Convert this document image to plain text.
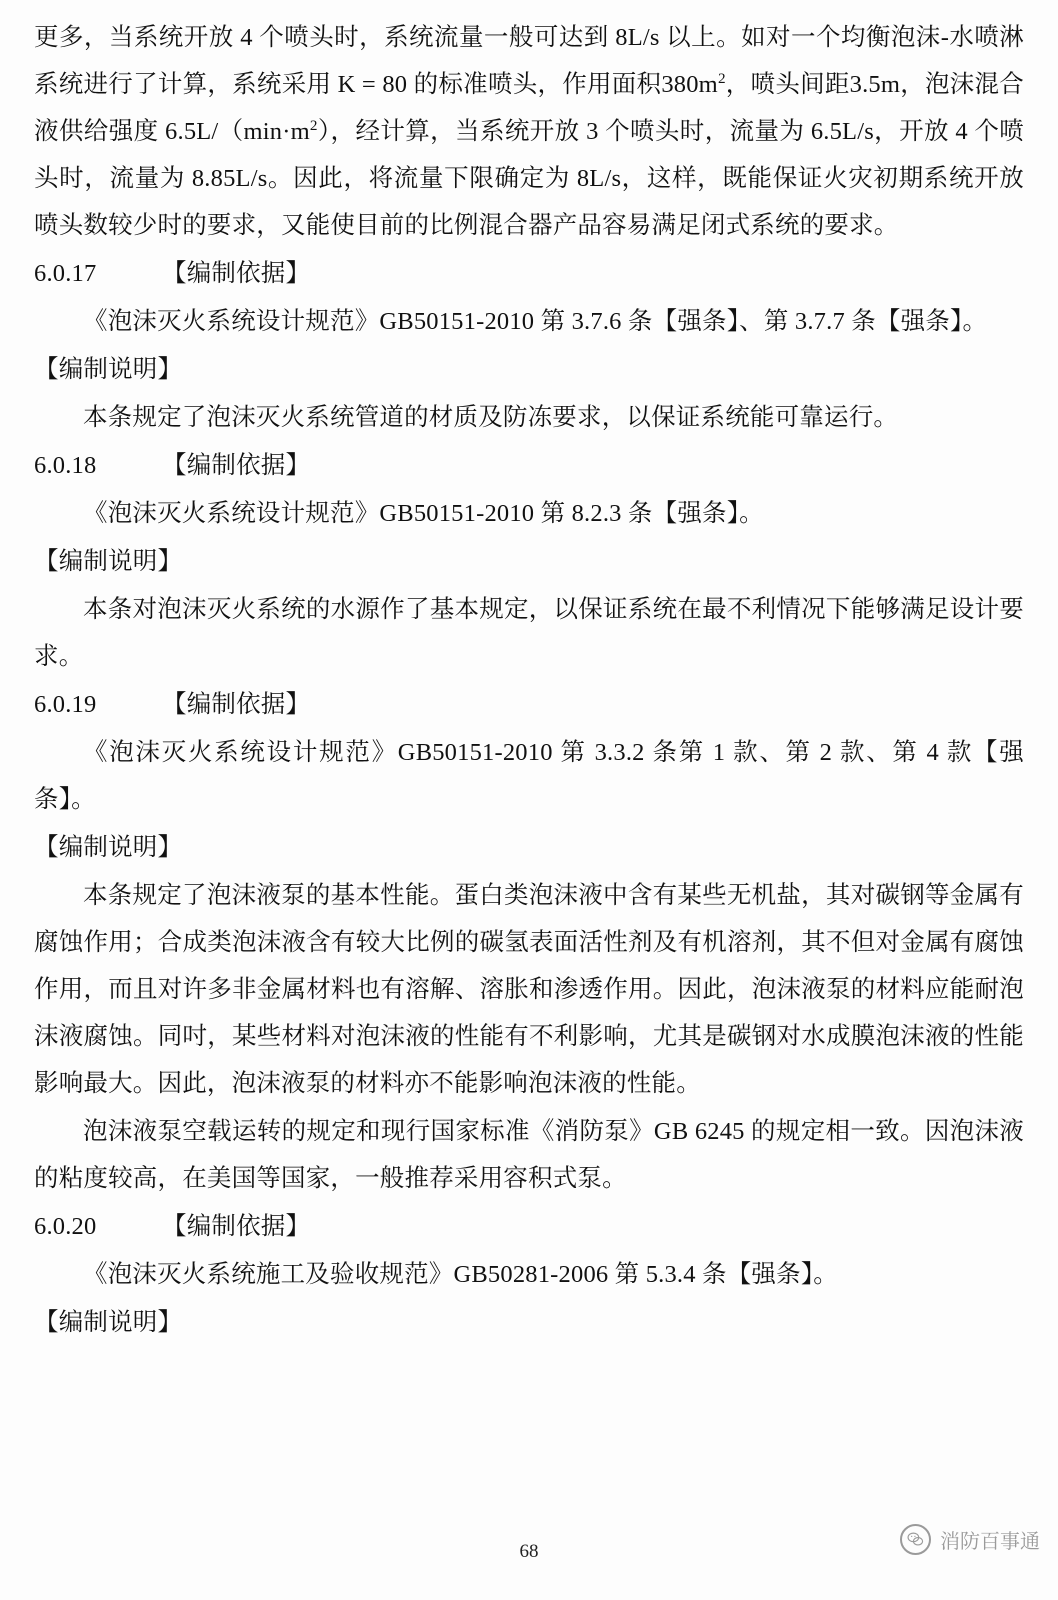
更多，当系统开放 4 个喷头时，系统流量一般可达到 8L/s 以上。如对一个均衡泡沫-水喷淋系统进行了计算，系统采用 K = 80 的标准喷头，作用面积$380m^2$，喷头间距3.5m，泡沫混合液供给强度 $6.5L/(\min\cdot m^2)$，经计算，当系统开放 3 个喷头时，流量为 6.5L/s，开放 4 个喷头时，流量为 8.85L/s。因此，将流量下限确定为 8L/s，这样，既能保证火灾初期系统开放喷头数较少时的要求，又能使目前的比例混合器产品容易满足闭式系统的要求。

6.0.17	【编制依据】

《泡沫灭火系统设计规范》GB50151-2010 第 3.7.6 条【强条】、第 3.7.7 条【强条】。

【编制说明】

本条规定了泡沫灭火系统管道的材质及防冻要求，以保证系统能可靠运行。

6.0.18	【编制依据】

《泡沫灭火系统设计规范》GB50151-2010 第 8.2.3 条【强条】。

【编制说明】

本条对泡沫灭火系统的水源作了基本规定，以保证系统在最不利情况下能够满足设计要求。

6.0.19	【编制依据】

《泡沫灭火系统设计规范》GB50151-2010 第 3.3.2 条第 1 款、第 2 款、第 4 款【强条】。

【编制说明】

本条规定了泡沫液泵的基本性能。蛋白类泡沫液中含有某些无机盐，其对碳钢等金属有腐蚀作用；合成类泡沫液含有较大比例的碳氢表面活性剂及有机溶剂，其不但对金属有腐蚀作用，而且对许多非金属材料也有溶解、溶胀和渗透作用。因此，泡沫液泵的材料应能耐泡沫液腐蚀。同吋，某些材料对泡沫液的性能有不利影响，尤其是碳钢对水成膜泡沫液的性能影响最大。因此，泡沫液泵的材料亦不能影响泡沫液的性能。

泡沫液泵空载运转的规定和现行国家标准《消防泵》GB 6245 的规定相一致。因泡沫液的粘度较高，在美国等国家，一般推荐采用容积式泵。

6.0.20	【编制依据】

《泡沫灭火系统施工及验收规范》GB50281-2006 第 5.3.4 条【强条】。

【编制说明】

68	消防百事通
